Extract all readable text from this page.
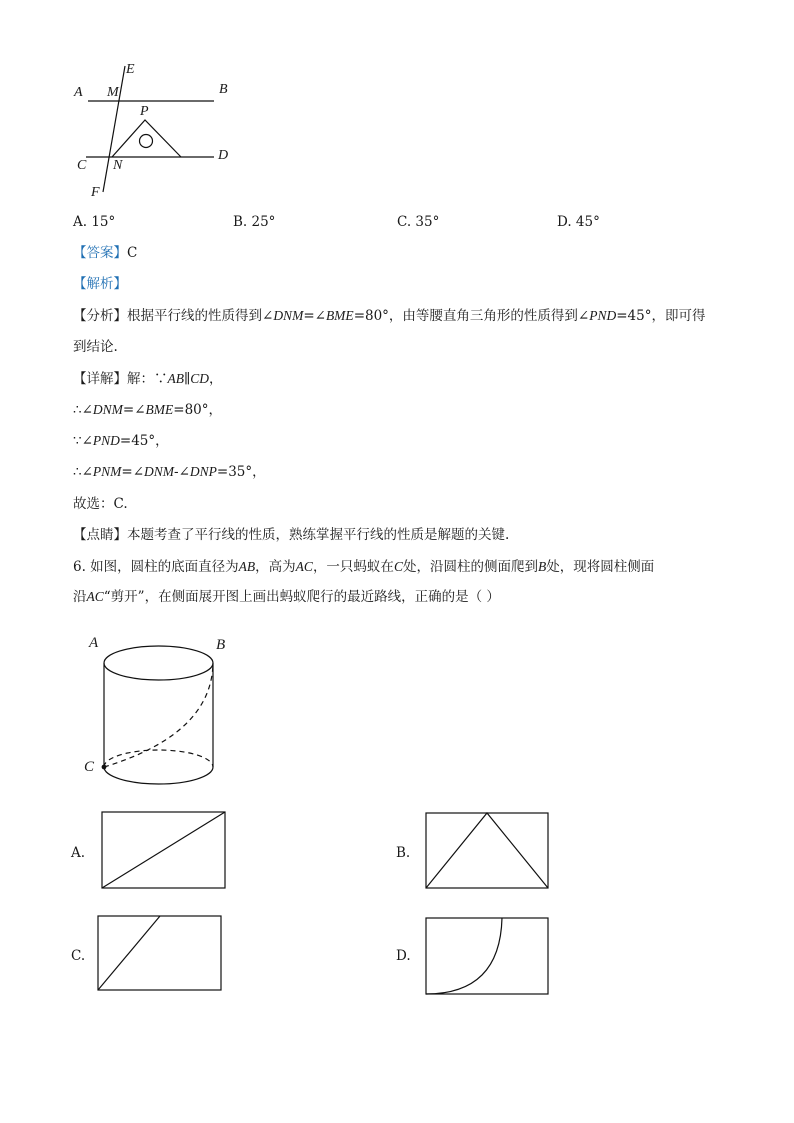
A M
E
B
P
C N
D
F
A. 15°	B. 25°	C. 35°	D. 45°
【答案】C
【解析】
【分析】根据平行线的性质得到∠DNM=∠BME=80°，由等腰直角三角形的性质得到∠PND=45°，即可得
到结论.
【详解】解：∵AB∥CD，
∴∠DNM=∠BME=80°，
∵∠PND=45°，
∴∠PNM=∠DNM-∠DNP=35°，
故选：C.
【点睛】本题考查了平行线的性质，熟练掌握平行线的性质是解题的关键.
6. 如图，圆柱的底面直径为AB，高为AC，一只蚂蚁在C处，沿圆柱的侧面爬到B处，现将圆柱侧面
沿AC“剪开”，在侧面展开图上画出蚂蚁爬行的最近路线，正确的是（ ）
A	B
C
A.	B.
C.	D.
